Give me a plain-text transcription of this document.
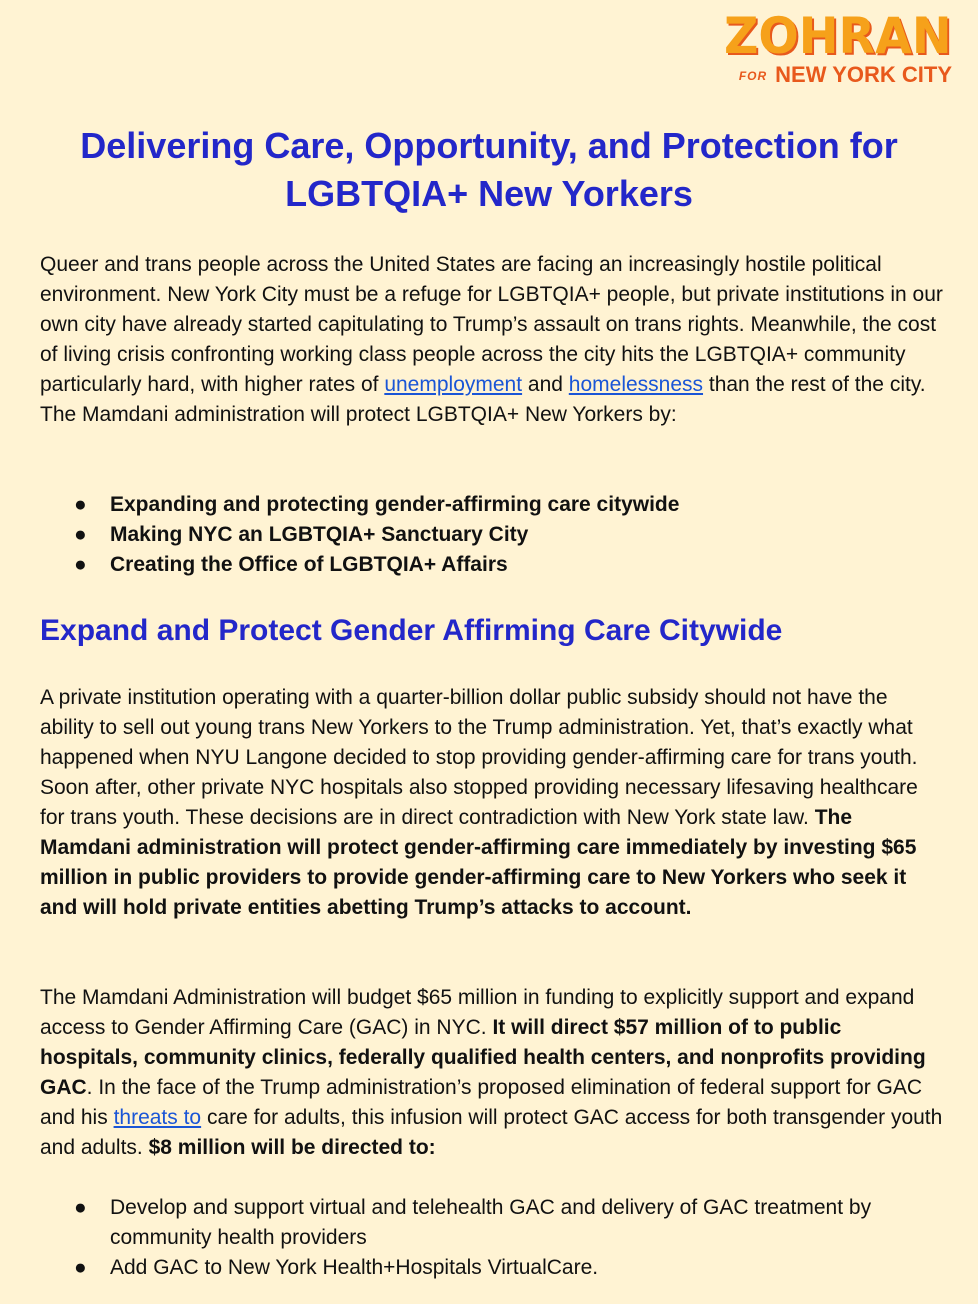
ZOHRAN
FOR NEW YORK CITY
Delivering Care, Opportunity, and Protection for LGBTQIA+ New Yorkers

Queer and trans people across the United States are facing an increasingly hostile political environment. New York City must be a refuge for LGBTQIA+ people, but private institutions in our own city have already started capitulating to Trump’s assault on trans rights. Meanwhile, the cost of living crisis confronting working class people across the city hits the LGBTQIA+ community particularly hard, with higher rates of unemployment and homelessness than the rest of the city. The Mamdani administration will protect LGBTQIA+ New Yorkers by:

● Expanding and protecting gender-affirming care citywide
● Making NYC an LGBTQIA+ Sanctuary City
● Creating the Office of LGBTQIA+ Affairs
Expand and Protect Gender Affirming Care Citywide

A private institution operating with a quarter-billion dollar public subsidy should not have the ability to sell out young trans New Yorkers to the Trump administration. Yet, that’s exactly what happened when NYU Langone decided to stop providing gender-affirming care for trans youth. Soon after, other private NYC hospitals also stopped providing necessary lifesaving healthcare for trans youth. These decisions are in direct contradiction with New York state law. The Mamdani administration will protect gender-affirming care immediately by investing $65 million in public providers to provide gender-affirming care to New Yorkers who seek it and will hold private entities abetting Trump’s attacks to account.

The Mamdani Administration will budget $65 million in funding to explicitly support and expand access to Gender Affirming Care (GAC) in NYC. It will direct $57 million of to public hospitals, community clinics, federally qualified health centers, and nonprofits providing GAC. In the face of the Trump administration’s proposed elimination of federal support for GAC and his threats to care for adults, this infusion will protect GAC access for both transgender youth and adults. $8 million will be directed to:

● Develop and support virtual and telehealth GAC and delivery of GAC treatment by community health providers
● Add GAC to New York Health+Hospitals VirtualCare.
